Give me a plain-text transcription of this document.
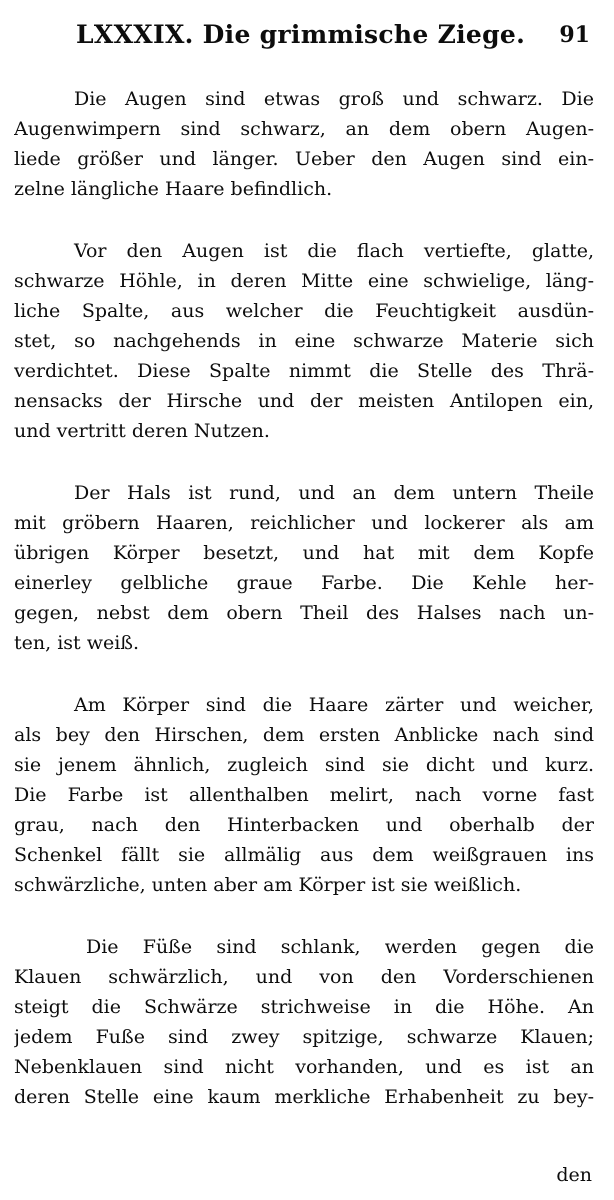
LXXXIX. Die grimmische Ziege. 91
Die Augen sind etwas groß und schwarz. Die
Augenwimpern sind schwarz, an dem obern Augen-
liede größer und länger. Ueber den Augen sind ein-
zelne längliche Haare befindlich.
Vor den Augen ist die flach vertiefte, glatte,
schwarze Höhle, in deren Mitte eine schwielige, läng-
liche Spalte, aus welcher die Feuchtigkeit ausdün-
stet, so nachgehends in eine schwarze Materie sich
verdichtet. Diese Spalte nimmt die Stelle des Thrä-
nensacks der Hirsche und der meisten Antilopen ein,
und vertritt deren Nutzen.
Der Hals ist rund, und an dem untern Theile
mit gröbern Haaren, reichlicher und lockerer als am
übrigen Körper besetzt, und hat mit dem Kopfe
einerley gelbliche graue Farbe. Die Kehle her-
gegen, nebst dem obern Theil des Halses nach un-
ten, ist weiß.
Am Körper sind die Haare zärter und weicher,
als bey den Hirschen, dem ersten Anblicke nach sind
sie jenem ähnlich, zugleich sind sie dicht und kurz.
Die Farbe ist allenthalben melirt, nach vorne fast
grau, nach den Hinterbacken und oberhalb der
Schenkel fällt sie allmälig aus dem weißgrauen ins
schwärzliche, unten aber am Körper ist sie weißlich.
Die Füße sind schlank, werden gegen die
Klauen schwärzlich, und von den Vorderschienen
steigt die Schwärze strichweise in die Höhe. An
jedem Fuße sind zwey spitzige, schwarze Klauen;
Nebenklauen sind nicht vorhanden, und es ist an
deren Stelle eine kaum merkliche Erhabenheit zu bey-
den
